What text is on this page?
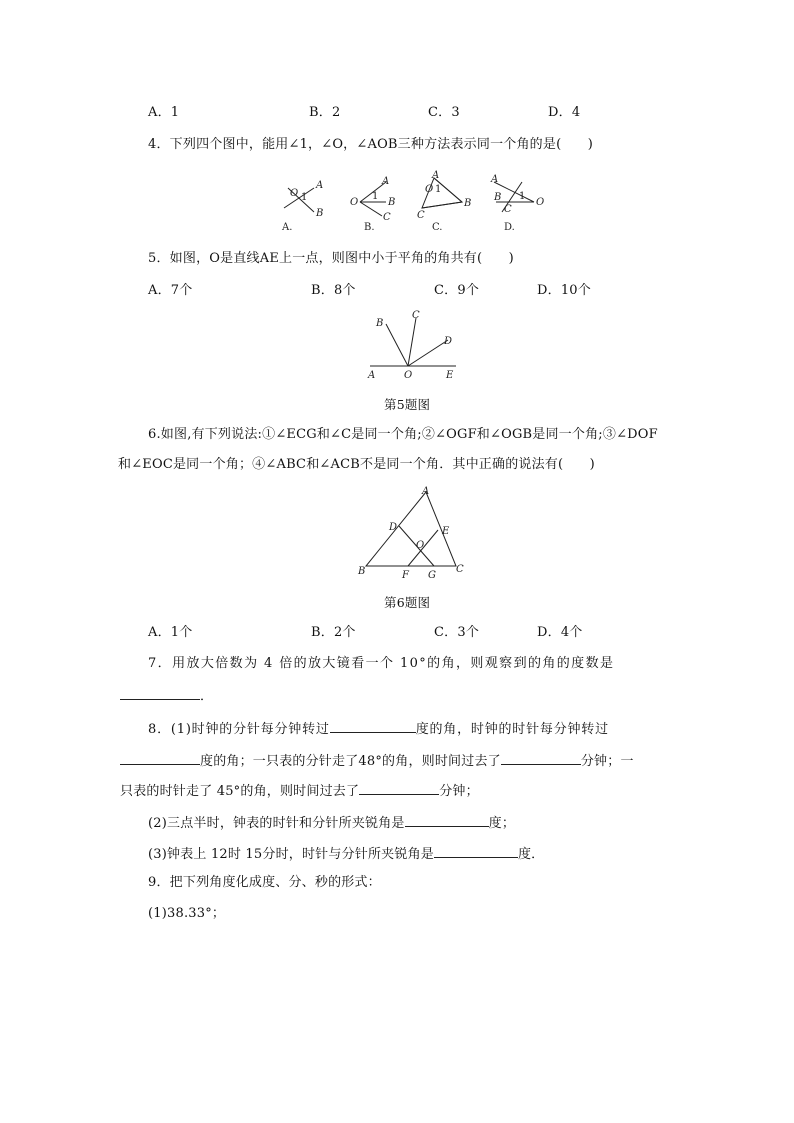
A．1	B．2	C．3	D．4
4．下列四个图中，能用∠1，∠O，∠AOB三种方法表示同一个角的是(　　)
O 1
A
B
O
1
A
B
C
O 1
A
B
C
A
B
C
1
O
A.	B.	C.	D.
5．如图，O是直线AE上一点，则图中小于平角的角共有(　　)
A．7个	B．8个	C．9个	D．10个
B
C
D
A	O	E
第5题图
6.如图,有下列说法:①∠ECG和∠C是同一个角;②∠OGF和∠OGB是同一个角;③∠DOF
和∠EOC是同一个角；④∠ABC和∠ACB不是同一个角．其中正确的说法有(　　)
A
D	E
O
B	F G
C
第6题图
A．1个	B．2个	C．3个	D．4个
7．用放大倍数为 4 倍的放大镜看一个 10°的角，则观察到的角的度数是
．
8．(1)时钟的分针每分钟转过	度的角，时钟的时针每分钟转过
度的角；一只表的分针走了48°的角，则时间过去了	分钟；一
只表的时针走了 45°的角，则时间过去了	分钟；
(2)三点半时，钟表的时针和分针所夹锐角是	度；
(3)钟表上 12时 15分时，时针与分针所夹锐角是	度．
9．把下列角度化成度、分、秒的形式：
(1)38.33°；
